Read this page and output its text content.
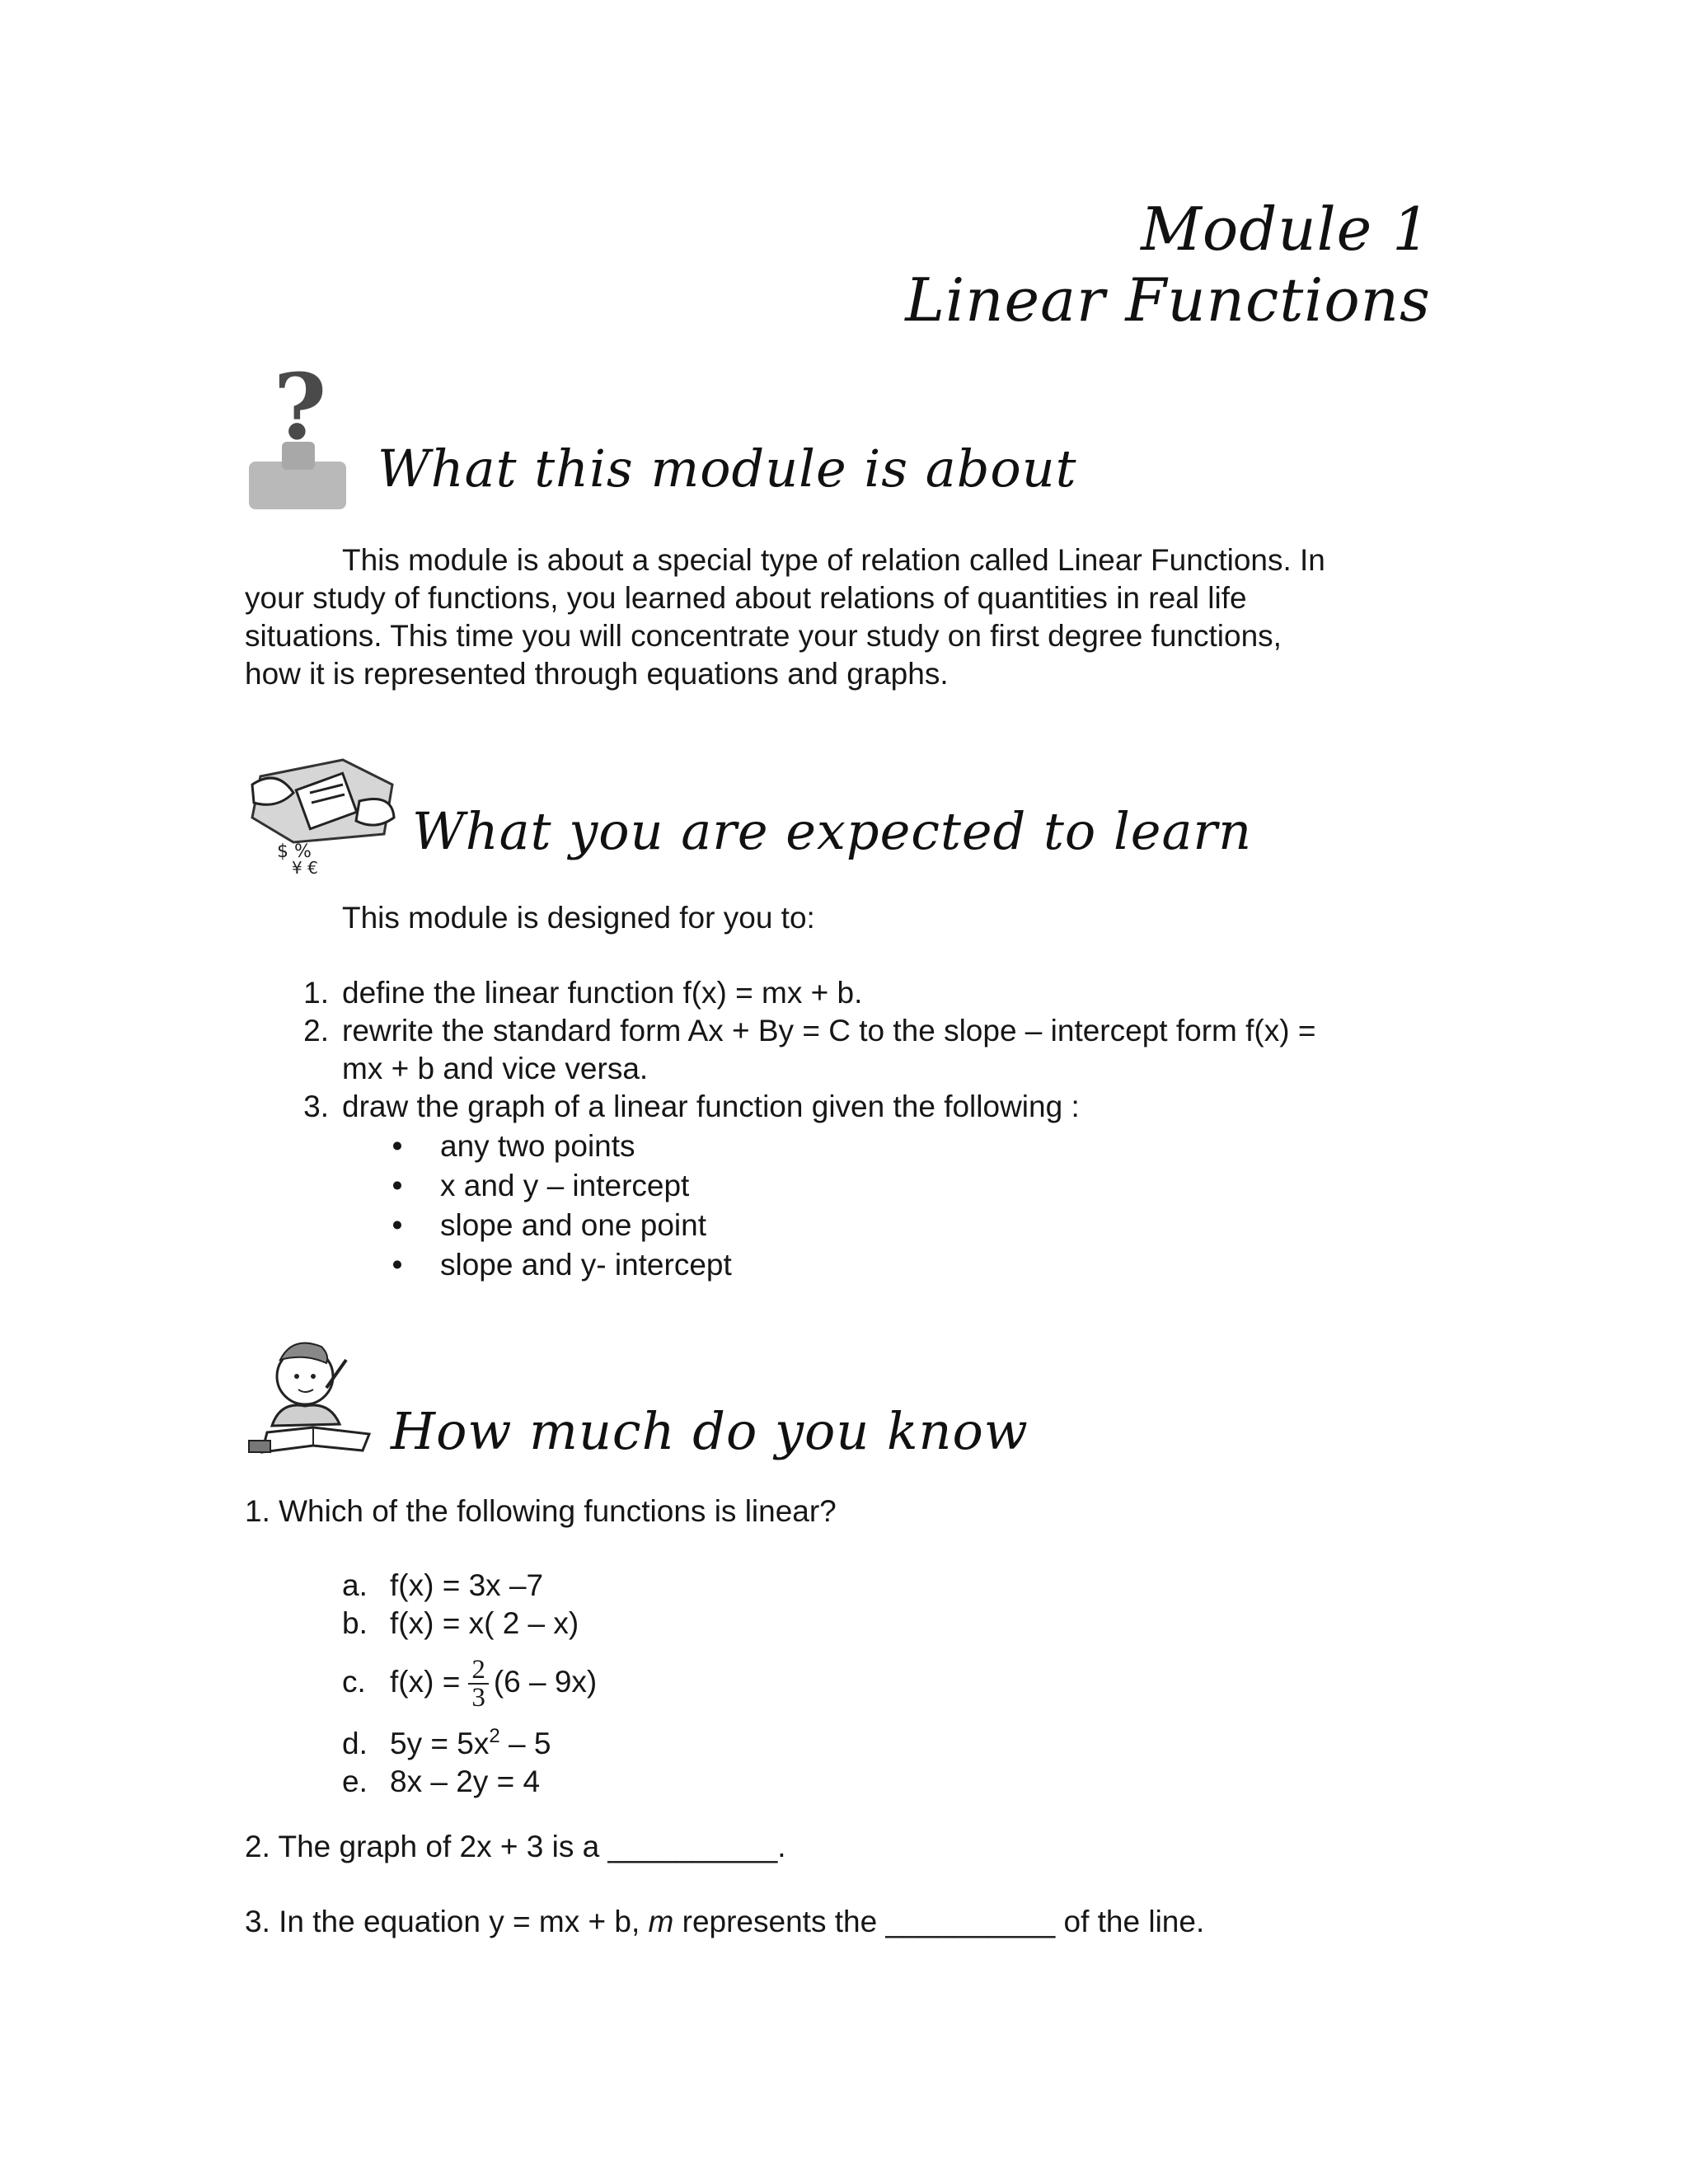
Module 1
Linear Functions
?
What this module is about
This module is about a special type of relation called Linear Functions. In
your study of functions, you learned about relations of quantities in real life
situations. This time you will concentrate your study on first degree functions,
how it is represented through equations and graphs.
$ %
¥ €
What you are expected to learn
This module is designed for you to:
1. define the linear function f(x) = mx + b.
2. rewrite the standard form Ax + By = C to the slope – intercept form f(x) =
mx + b and vice versa.
3. draw the graph of a linear function given the following :
• any two points
• x and y – intercept
• slope and one point
• slope and y- intercept
How much do you know
1. Which of the following functions is linear?
a. f(x) = 3x –7
b. f(x) = x( 2 – x)
c. $f(x) = \frac{2}{3} (6 - 9x)$
d. $5y = 5x^2 - 5$
e. 8x – 2y = 4
2. The graph of 2x + 3 is a __________.
3. In the equation y = mx + b, m represents the __________ of the line.
